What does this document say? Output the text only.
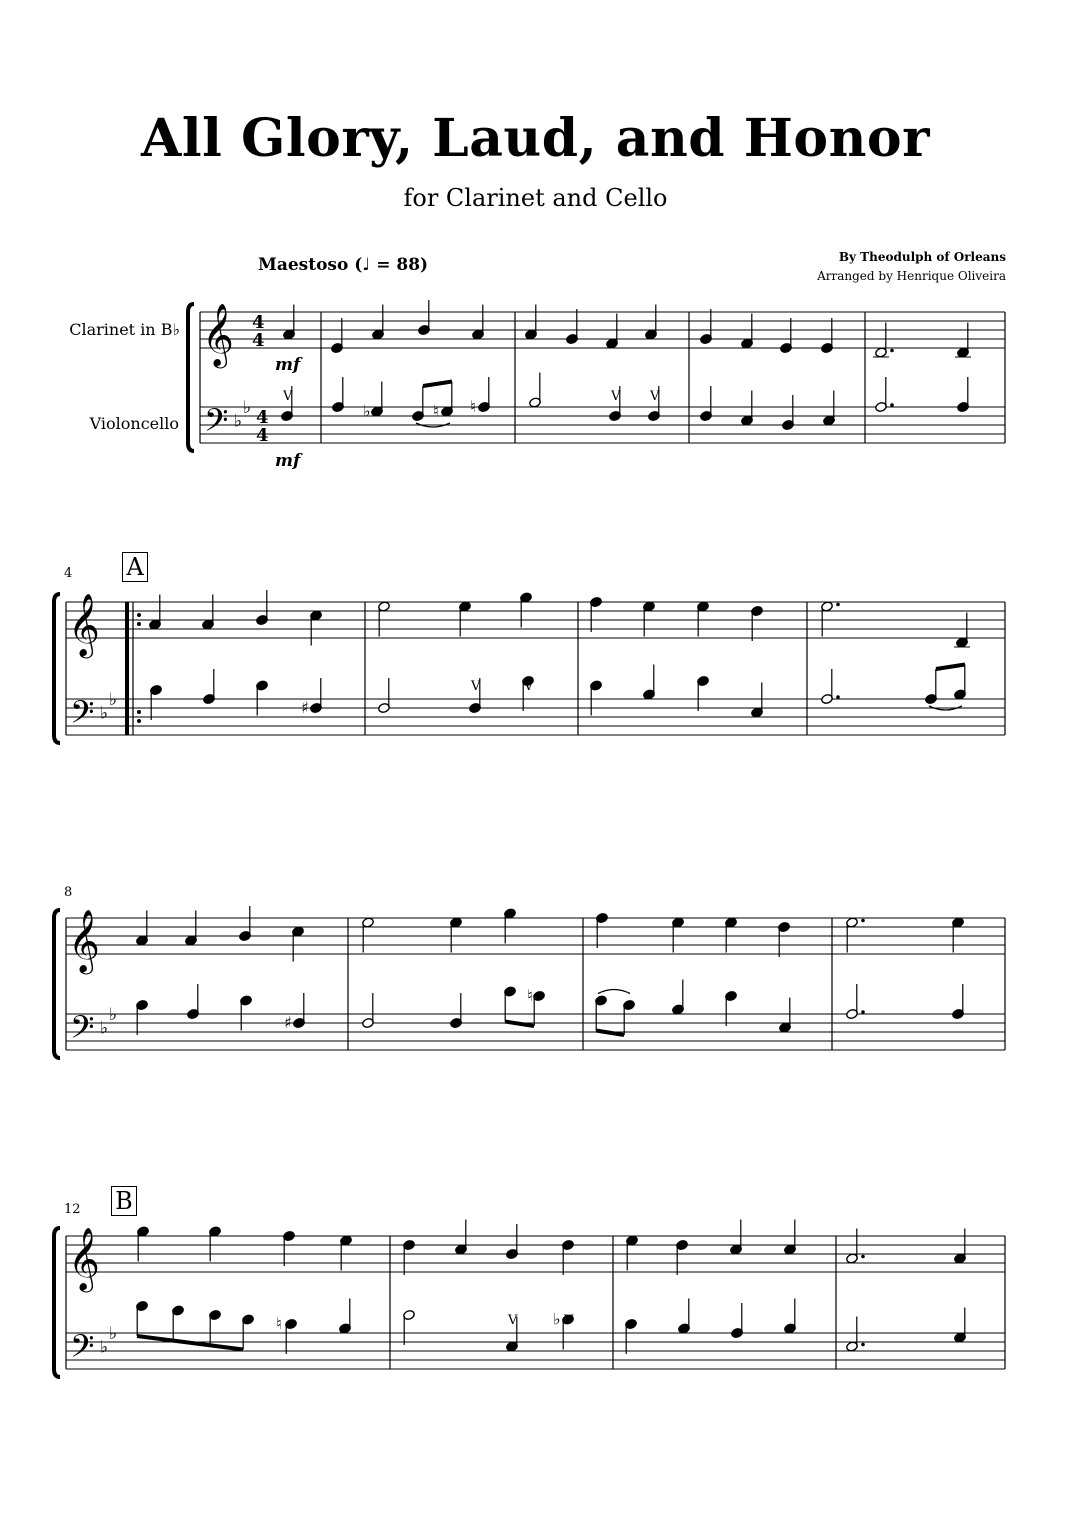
All Glory, Laud, and Honor
for Clarinet and Cello
Maestoso (♩ = 88)	By Theodulph of Orleans
Arranged by Henrique Oliveira
Clarinet in B♭
Violoncello
4
8
12
A
B
𝄞
𝄢 ♭
♭
𝄞
𝄢 ♭
♭
𝄞
𝄢 ♭
♭
𝄞
𝄢 ♭
♭
4
4
4
4
mf
V
mf
♭	♮ ♮
V V
♯
V	V
♯
♮
♮	V ♭ V
